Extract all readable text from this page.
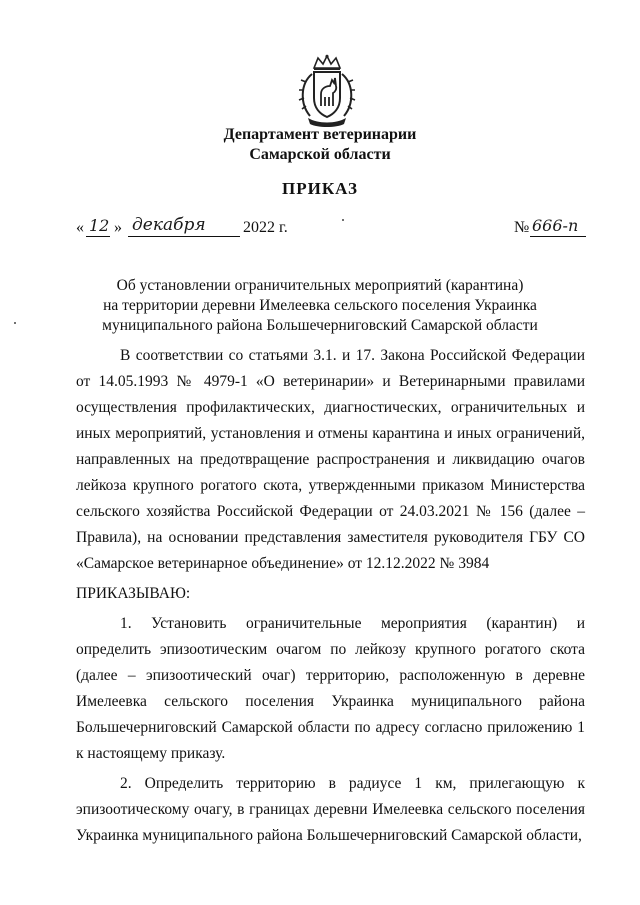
Департамент ветеринарии
Самарской области
ПРИКАЗ
« 12 » декабря 2022 г.	№ 666-п
Об установлении ограничительных мероприятий (карантина)
на территории деревни Имелеевка сельского поселения Украинка
муниципального района Большечерниговский Самарской области

В соответствии со статьями 3.1. и 17. Закона Российской Федерации от 14.05.1993 № 4979-1 «О ветеринарии» и Ветеринарными правилами осуществления профилактических, диагностических, ограничительных и иных мероприятий, установления и отмены карантина и иных ограничений, направленных на предотвращение распространения и ликвидацию очагов лейкоза крупного рогатого скота, утвержденными приказом Министерства сельского хозяйства Российской Федерации от 24.03.2021 № 156 (далее – Правила), на основании представления заместителя руководителя ГБУ СО «Самарское ветеринарное объединение» от 12.12.2022 № 3984

ПРИКАЗЫВАЮ:

1. Установить ограничительные мероприятия (карантин) и определить эпизоотическим очагом по лейкозу крупного рогатого скота (далее – эпизоотический очаг) территорию, расположенную в деревне Имелеевка сельского поселения Украинка муниципального района Большечерниговский Самарской области по адресу согласно приложению 1 к настоящему приказу.

2. Определить территорию в радиусе 1 км, прилегающую к эпизоотическому очагу, в границах деревни Имелеевка сельского поселения Украинка муниципального района Большечерниговский Самарской области,
